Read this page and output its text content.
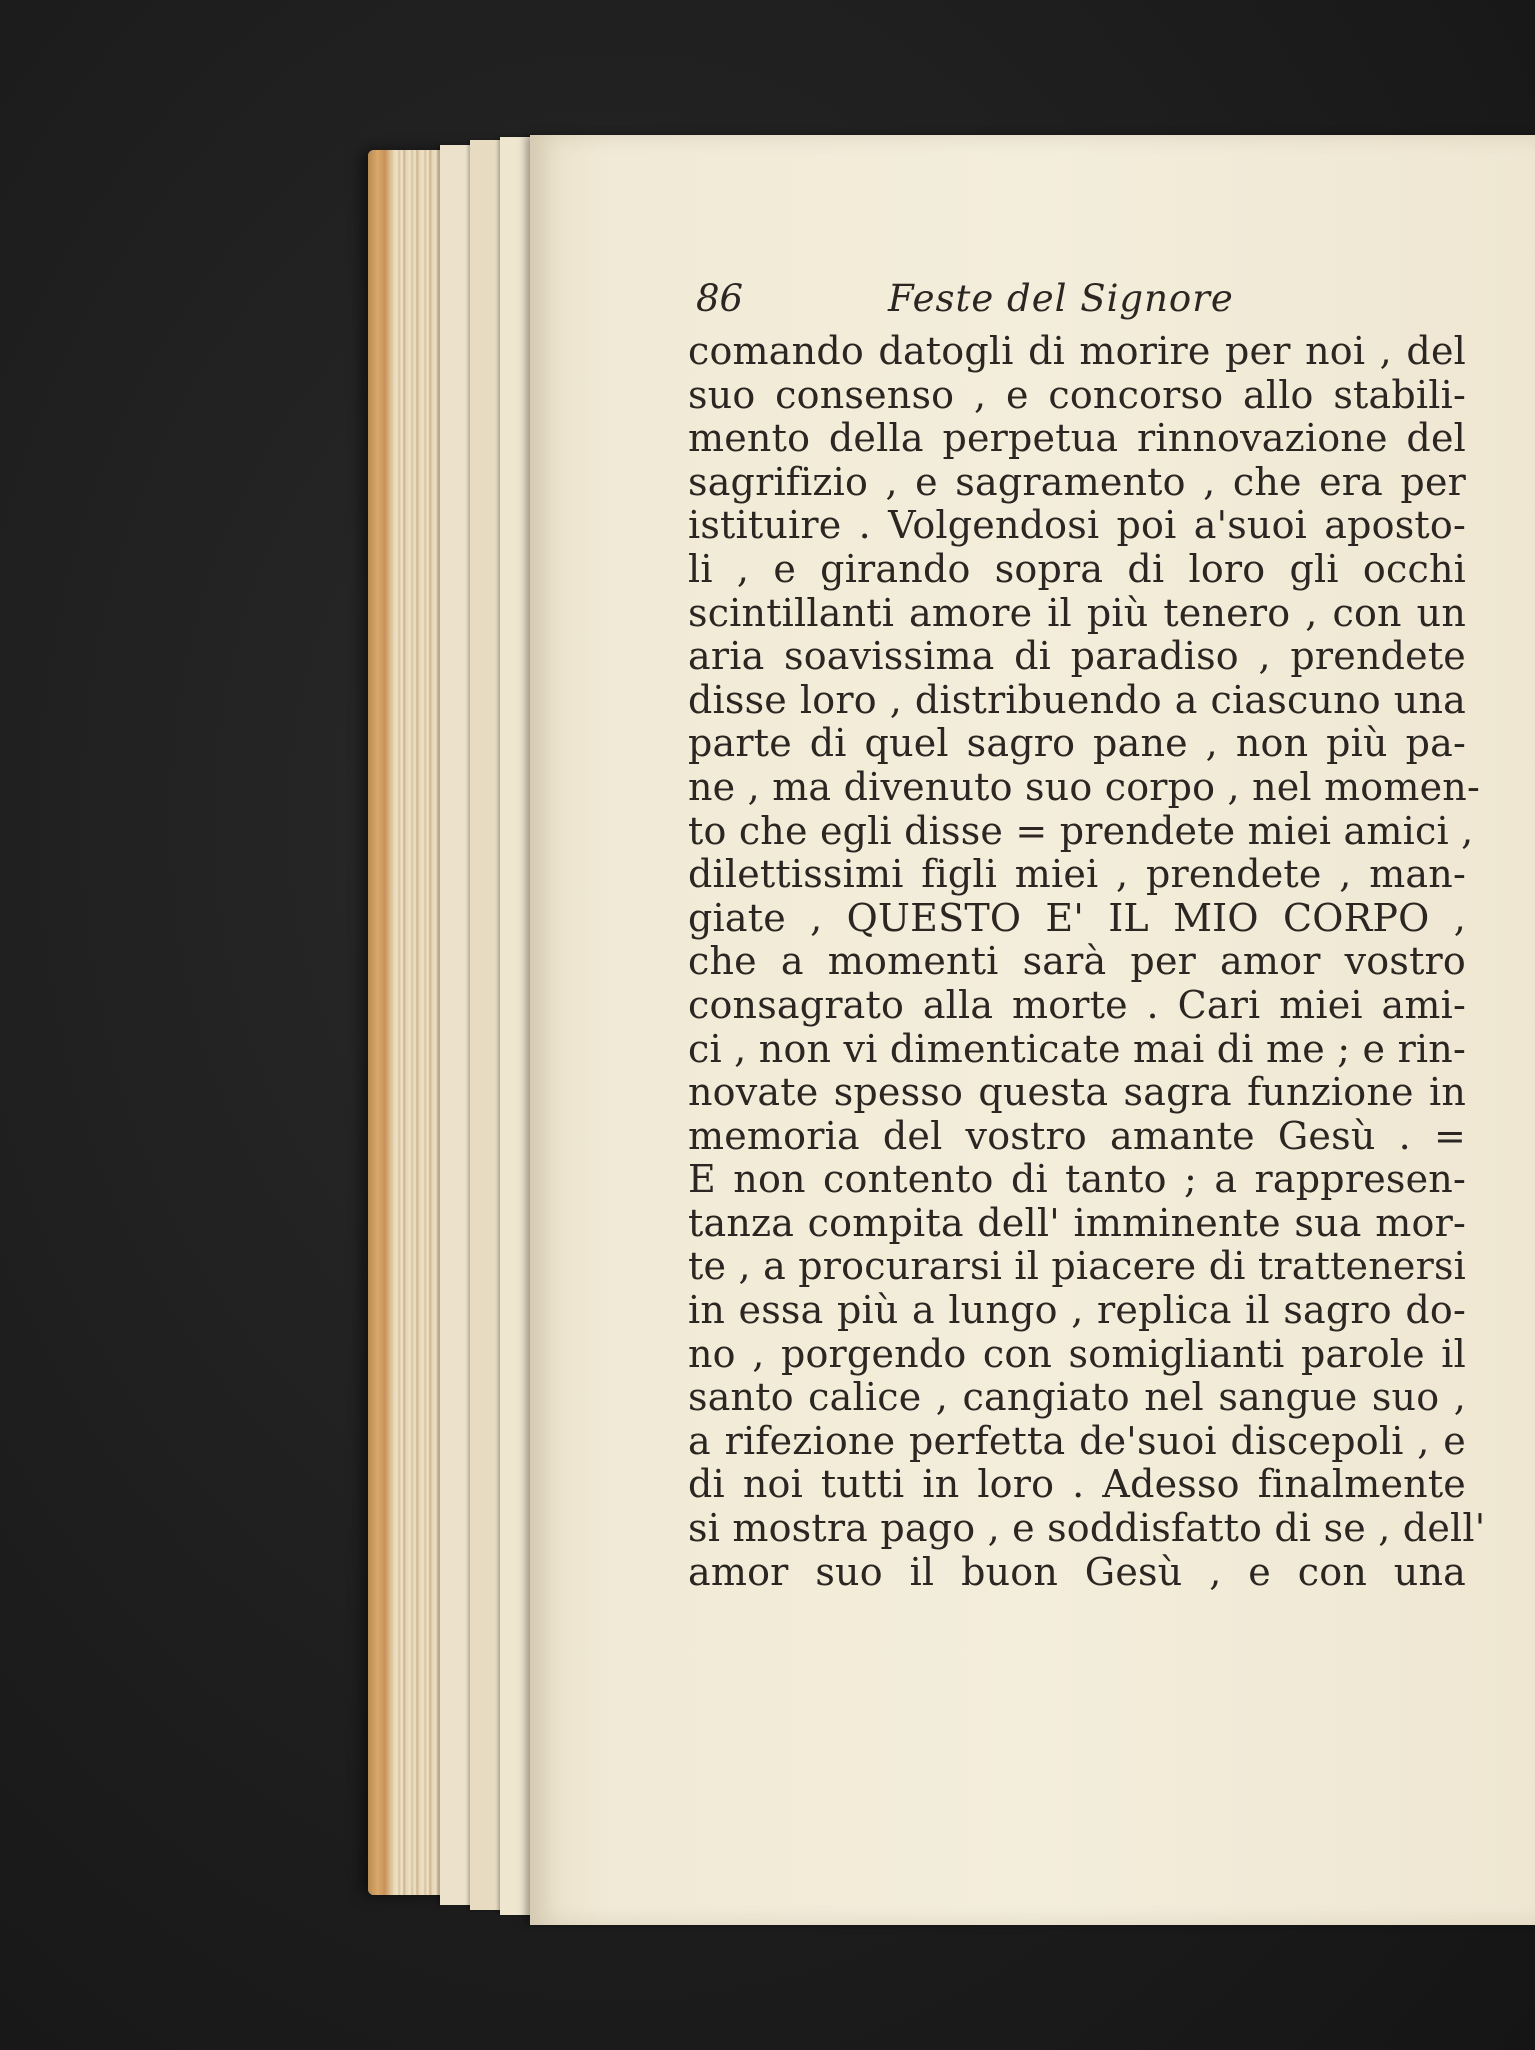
86	Feste del Signore
comando datogli di morire per noi , del
suo consenso , e concorso allo stabili-
mento della perpetua rinnovazione del
sagrifizio , e sagramento , che era per
istituire . Volgendosi poi a'suoi aposto-
li , e girando sopra di loro gli occhi
scintillanti amore il più tenero , con un
aria soavissima di paradiso , prendete
disse loro , distribuendo a ciascuno una
parte di quel sagro pane , non più pa-
ne , ma divenuto suo corpo , nel momen-
to che egli disse = prendete miei amici ,
dilettissimi figli miei , prendete , man-
giate , QUESTO E' IL MIO CORPO ,
che a momenti sarà per amor vostro
consagrato alla morte . Cari miei ami-
ci , non vi dimenticate mai di me ; e rin-
novate spesso questa sagra funzione in
memoria del vostro amante Gesù . =
E non contento di tanto ; a rappresen-
tanza compita dell' imminente sua mor-
te , a procurarsi il piacere di trattenersi
in essa più a lungo , replica il sagro do-
no , porgendo con somiglianti parole il
santo calice , cangiato nel sangue suo ,
a rifezione perfetta de'suoi discepoli , e
di noi tutti in loro . Adesso finalmente
si mostra pago , e soddisfatto di se , dell'
amor suo il buon Gesù , e con una
